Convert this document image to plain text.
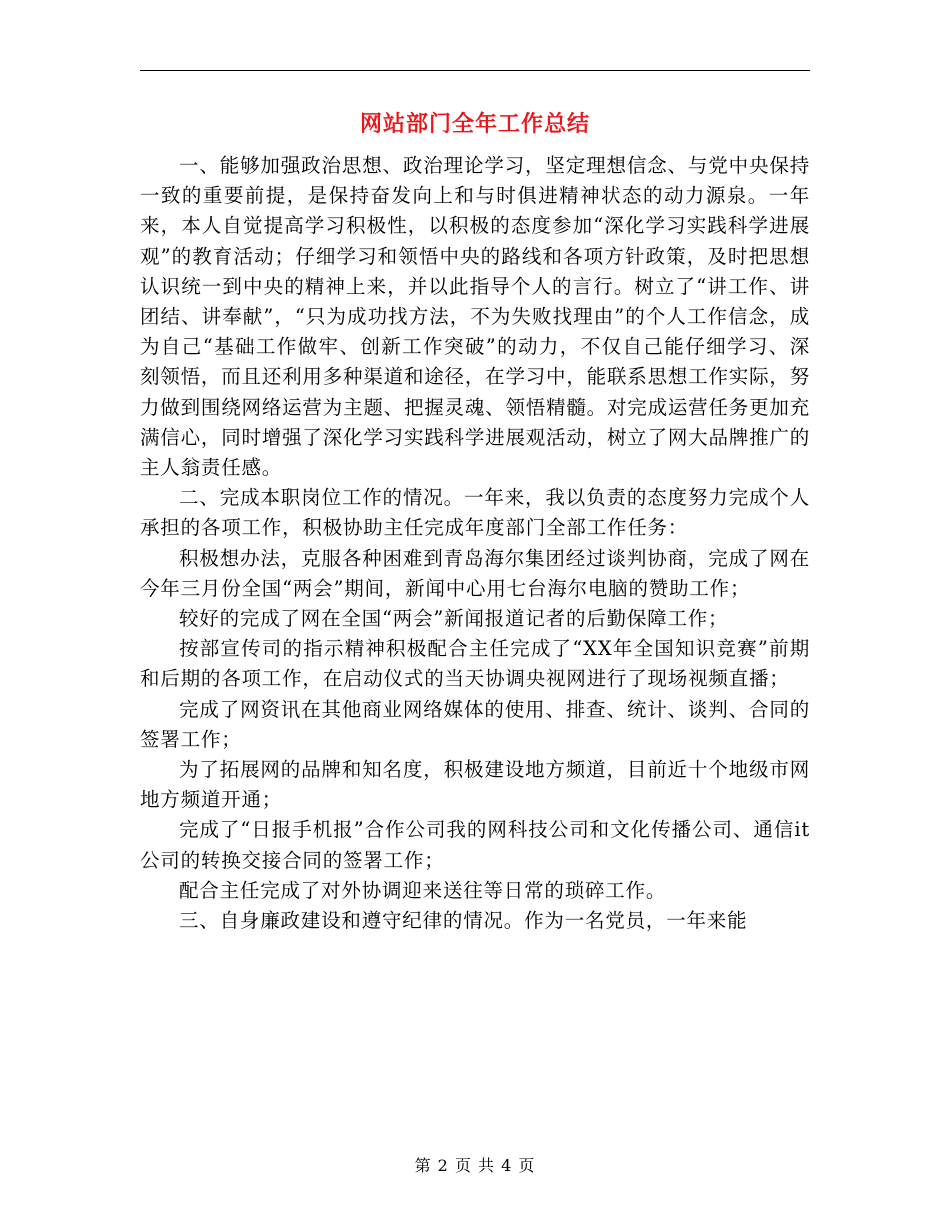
网站部门全年工作总结

一、能够加强政治思想、政治理论学习，坚定理想信念、与党中央保持一致的重要前提，是保持奋发向上和与时俱进精神状态的动力源泉。一年来，本人自觉提高学习积极性，以积极的态度参加“深化学习实践科学进展观”的教育活动；仔细学习和领悟中央的路线和各项方针政策，及时把思想认识统一到中央的精神上来，并以此指导个人的言行。树立了“讲工作、讲团结、讲奉献”，“只为成功找方法，不为失败找理由”的个人工作信念，成为自己“基础工作做牢、创新工作突破”的动力，不仅自己能仔细学习、深刻领悟，而且还利用多种渠道和途径，在学习中，能联系思想工作实际，努力做到围绕网络运营为主题、把握灵魂、领悟精髓。对完成运营任务更加充满信心，同时增强了深化学习实践科学进展观活动，树立了网大品牌推广的主人翁责任感。

二、完成本职岗位工作的情况。一年来，我以负责的态度努力完成个人承担的各项工作，积极协助主任完成年度部门全部工作任务：

积极想办法，克服各种困难到青岛海尔集团经过谈判协商，完成了网在今年三月份全国“两会”期间，新闻中心用七台海尔电脑的赞助工作；

较好的完成了网在全国“两会”新闻报道记者的后勤保障工作；

按部宣传司的指示精神积极配合主任完成了“XX年全国知识竞赛”前期和后期的各项工作，在启动仪式的当天协调央视网进行了现场视频直播；

完成了网资讯在其他商业网络媒体的使用、排查、统计、谈判、合同的签署工作；

为了拓展网的品牌和知名度，积极建设地方频道，目前近十个地级市网地方频道开通；

完成了“日报手机报”合作公司我的网科技公司和文化传播公司、通信it公司的转换交接合同的签署工作；

配合主任完成了对外协调迎来送往等日常的琐碎工作。

三、自身廉政建设和遵守纪律的情况。作为一名党员，一年来能

第 2 页 共 4 页
